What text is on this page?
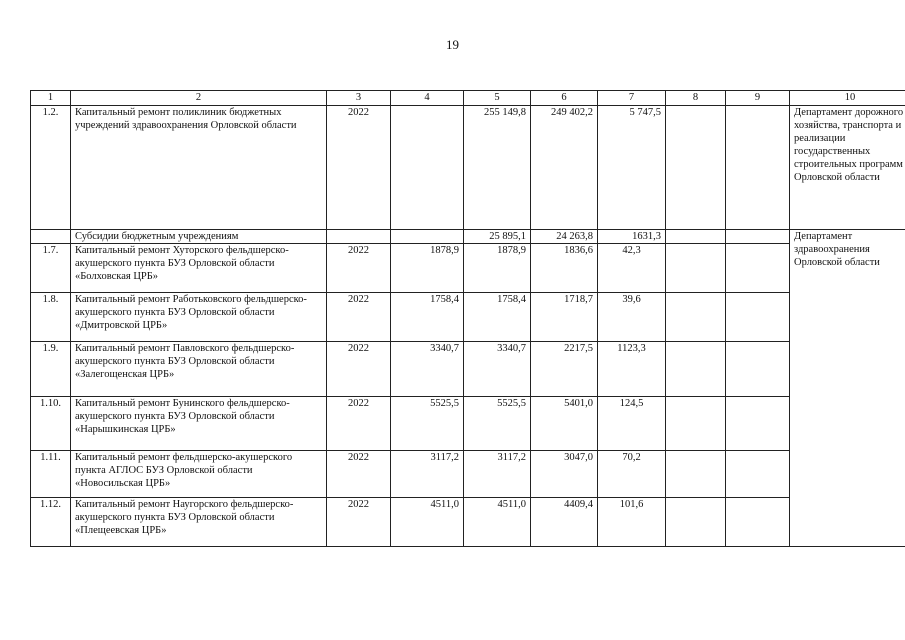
19
1	2	3	4	5	6	7	8	9	10
1.2.	Капитальный ремонт поликлиник бюджетных учреждений здравоохранения Орловской области	2022		255 149,8	249 402,2	5 747,5			Департамент дорожного хозяйства, транспорта и реализации государственных строительных программ Орловской области
	Субсидии бюджетным учреждениям			25 895,1	24 263,8	1631,3			Департамент здравоохранения Орловской области
1.7.	Капитальный ремонт Хуторского фельдшерско-акушерского пункта БУЗ Орловской области «Болховская ЦРБ»	2022	1878,9	1878,9	1836,6	42,3			
1.8.	Капитальный ремонт Работьковского фельдшерско-акушерского пункта БУЗ Орловской области «Дмитровской ЦРБ»	2022	1758,4	1758,4	1718,7	39,6			
1.9.	Капитальный ремонт Павловского фельдшерско-акушерского пункта БУЗ Орловской области «Залегощенская ЦРБ»	2022	3340,7	3340,7	2217,5	1123,3			
1.10.	Капитальный ремонт Бунинского фельдшерско-акушерского пункта БУЗ Орловской области «Нарышкинская ЦРБ»	2022	5525,5	5525,5	5401,0	124,5			
1.11.	Капитальный ремонт фельдшерско-акушерского пункта АГЛОС БУЗ Орловской области «Новосильская ЦРБ»	2022	3117,2	3117,2	3047,0	70,2			
1.12.	Капитальный ремонт Наугорского фельдшерско-акушерского пункта БУЗ Орловской области «Плещеевская ЦРБ»	2022	4511,0	4511,0	4409,4	101,6			
